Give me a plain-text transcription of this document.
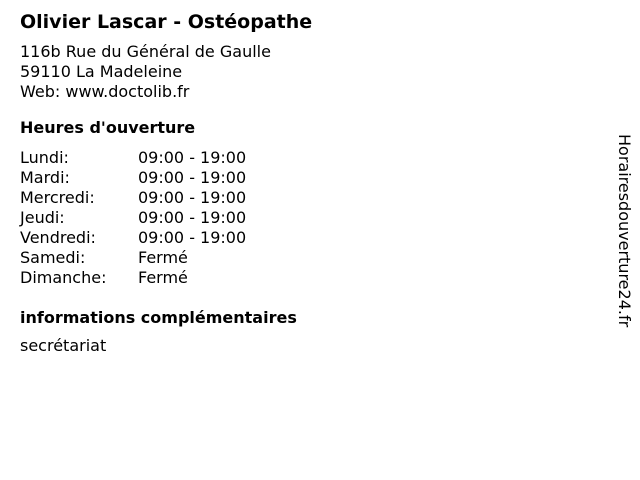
Olivier Lascar - Ostéopathe
116b Rue du Général de Gaulle
59110 La Madeleine
Web: www.doctolib.fr
Heures d'ouverture
Lundi:	09:00 - 19:00
Mardi:	09:00 - 19:00
Mercredi:	09:00 - 19:00
Jeudi:	09:00 - 19:00
Vendredi:	09:00 - 19:00
Samedi:	Fermé
Dimanche:	Fermé
informations complémentaires
secrétariat
Horairesdouverture24.fr
